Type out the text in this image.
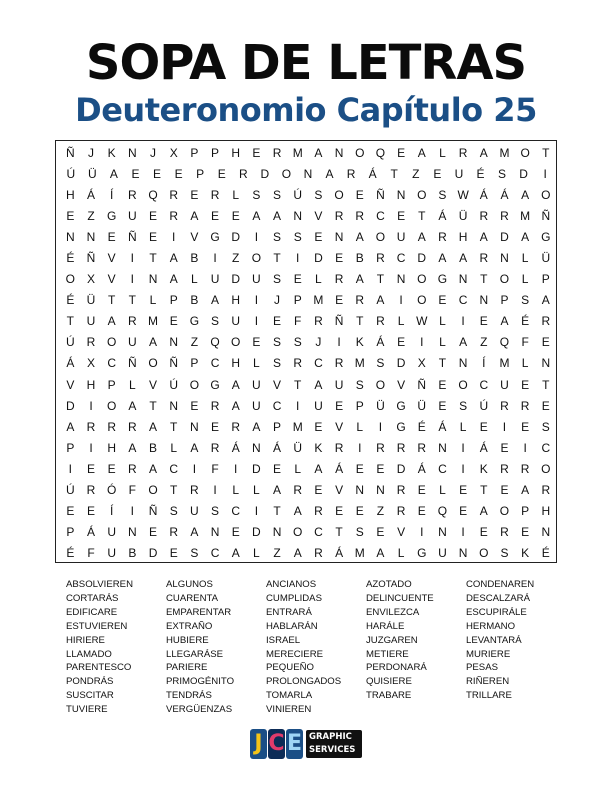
SOPA DE LETRAS
Deuteronomio Capítulo 25
Ñ	J	K	N	J	X	P	P	H	E	R M A	N O Q	E	A	L	R	A M O	T
Ú	Ü	A	E	E	E	P	E	R	D	O	N	A	R	Á	T	Z	E	U	É	S	D	I
H	Á	Í	R Q R	E	R	L	S	S	Ú	S O	E	Ñ	N O	S W Á	Á	A O
E	Z	G U	E	R	A	E	E	A	A	N	V	R	R	C	E	T	Á	Ü	R	R M Ñ
N	N	E	Ñ	E	I	V G D	I	S	S	E	N	A O U	A	R	H	A	D	A G
É	Ñ	V	I	T	A	B	I	Z	O	T	I	D	E	B	R	C	D	A	A	R	N	L	Ü
O	X	V	I	N	A	L	U	D	U	S	E	L	R	A	T	N O G N	T	O	L	P
É	Ü	T	T	L	P	B	A	H	I	J	P M E	R	A	I	O	E	C	N	P	S	A
T	U	A	R M E G	S	U	I	E	F	R	Ñ	T	R	L W L	I	E	A	É	R
Ú	R O U	A	N	Z	Q O	E	S	S	J	I	K	Á	E	I	L	A	Z	Q	F	E
Á	X	C	Ñ O Ñ	P	C	H	L	S	R	C	R M S	D	X	T	N	Í	M	L	N
V	H	P	L	V	Ú O G	A	U	V	T	A	U	S O	V	Ñ	E O C	U	E	T
D	I	O	A	T	N	E	R	A	U	C	I	U	E	P	Ü G Ü	E	S	Ú	R	R	E
A	R	R	R	A	T	N	E	R	A	P M E	V	L	I	G	É	Á	L	E	I	E	S
P	I	H	A	B	L	A	R	Á	N	Á	Ü	K	R	I	R	R	R	N	I	Á	E	I	C
I	E	E	R	A	C	I	F	I	D	E	L	A	Á	E	E	D	Á	C	I	K	R	R O
Ú	R Ó	F	O	T	R	I	L	L	A	R	E	V	N	N	R	E	L	E	T	E	A	R
E	E	Í	I	Ñ	S	U	S	C	I	T	A	R	E	E	Z	R	E Q	E	A O	P	H
P	Á	U	N	E	R	A	N	E	D	N O C	T	S	E	V	I	N	I	E	R	E	N
É	F	U	B	D	E	S	C	A	L	Z	A	R	Á M A	L	G U	N O	S	K	É
ABSOLVIEREN
CORTARÁS
EDIFICARE
ESTUVIEREN
HIRIERE
LLAMADO
PARENTESCO
PONDRÁS
SUSCITAR
TUVIERE
ALGUNOS
CUARENTA
EMPARENTAR
EXTRAÑO
HUBIERE
LLEGARÁSE
PARIERE
PRIMOGÉNITO
TENDRÁS
VERGÜENZAS
ANCIANOS
CUMPLIDAS
ENTRARÁ
HABLARÁN
ISRAEL
MERECIERE
PEQUEÑO
PROLONGADOS
TOMARLA
VINIEREN
AZOTADO
DELINCUENTE
ENVILEZCA
HARÁLE
JUZGAREN
METIERE
PERDONARÁ
QUISIERE
TRABARE
CONDENAREN
DESCALZARÁ
ESCUPIRÁLE
HERMANO
LEVANTARÁ
MURIERE
PESAS
RIÑEREN
TRILLARE
J C E GRAPHIC
SERVICES
